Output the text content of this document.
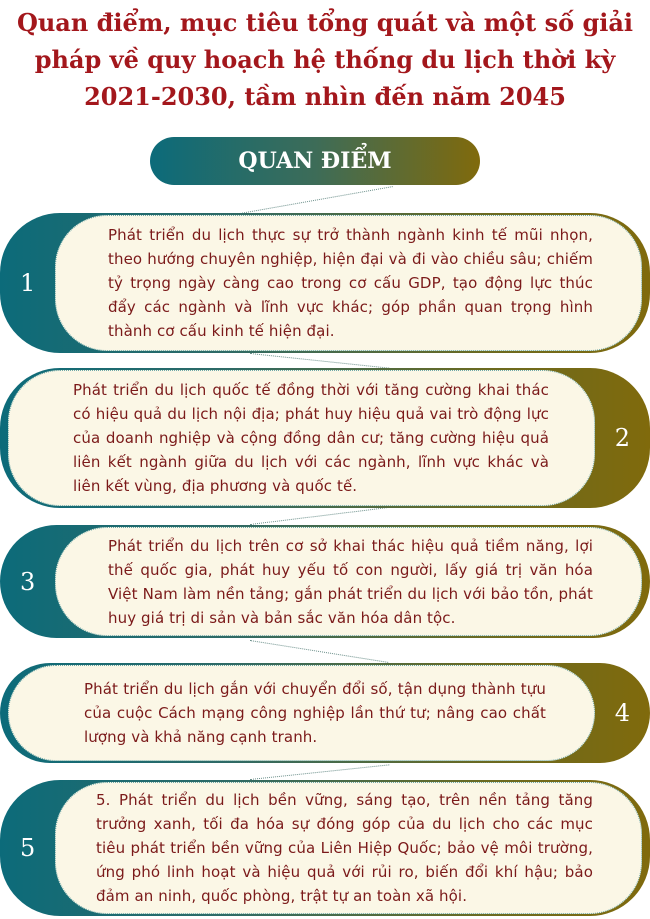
Quan điểm, mục tiêu tổng quát và một số giải
pháp về quy hoạch hệ thống du lịch thời kỳ
2021-2030, tầm nhìn đến năm 2045
QUAN ĐIỂM
1

Phát triển du lịch thực sự trở thành ngành kinh tế mũi nhọn, theo hướng chuyên nghiệp, hiện đại và đi vào chiều sâu; chiếm tỷ trọng ngày càng cao trong cơ cấu GDP, tạo động lực thúc đẩy các ngành và lĩnh vực khác; góp phần quan trọng hình thành cơ cấu kinh tế hiện đại.

2

Phát triển du lịch quốc tế đồng thời với tăng cường khai thác có hiệu quả du lịch nội địa; phát huy hiệu quả vai trò động lực của doanh nghiệp và cộng đồng dân cư; tăng cường hiệu quả liên kết ngành giữa du lịch với các ngành, lĩnh vực khác và liên kết vùng, địa phương và quốc tế.

3

Phát triển du lịch trên cơ sở khai thác hiệu quả tiềm năng, lợi thế quốc gia, phát huy yếu tố con người, lấy giá trị văn hóa Việt Nam làm nền tảng; gắn phát triển du lịch với bảo tồn, phát huy giá trị di sản và bản sắc văn hóa dân tộc.

4

Phát triển du lịch gắn với chuyển đổi số, tận dụng thành tựu của cuộc Cách mạng công nghiệp lần thứ tư; nâng cao chất lượng và khả năng cạnh tranh.

5

5. Phát triển du lịch bền vững, sáng tạo, trên nền tảng tăng trưởng xanh, tối đa hóa sự đóng góp của du lịch cho các mục tiêu phát triển bền vững của Liên Hiệp Quốc; bảo vệ môi trường, ứng phó linh hoạt và hiệu quả với rủi ro, biến đổi khí hậu; bảo đảm an ninh, quốc phòng, trật tự an toàn xã hội.
